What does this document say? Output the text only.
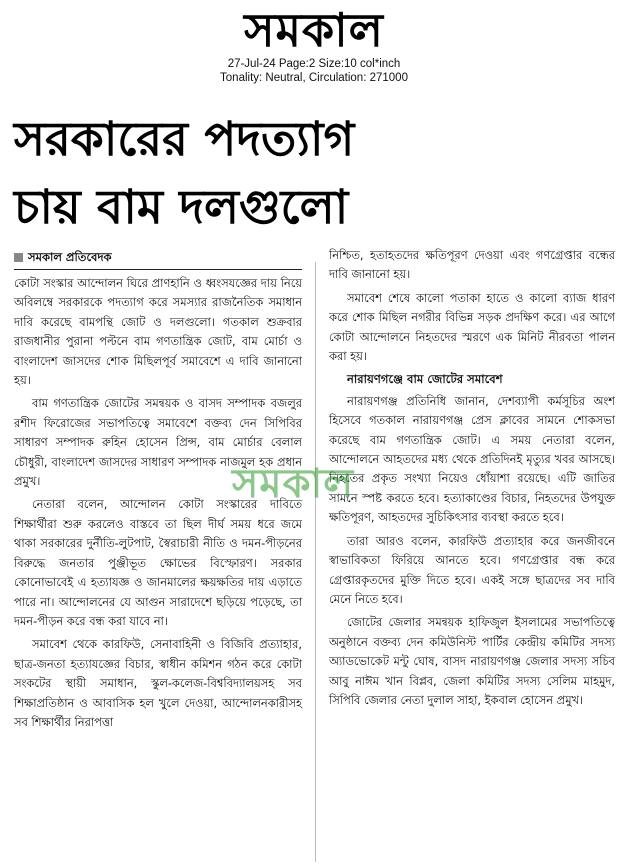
সমকাল
27-Jul-24 Page:2 Size:10 col*inch
Tonality: Neutral, Circulation: 271000
সরকারের পদত্যাগ
চায় বাম দলগুলো
সমকাল প্রতিবেদক

কোটা সংস্কার আন্দোলন ঘিরে প্রাণহানি ও ধ্বংসযজ্ঞের দায় নিয়ে অবিলম্বে সরকারকে পদত্যাগ করে সমস্যার রাজনৈতিক সমাধান দাবি করেছে বামপন্থি জোট ও দলগুলো। গতকাল শুক্রবার রাজধানীর পুরানা পল্টনে বাম গণতান্ত্রিক জোট, বাম মোর্চা ও বাংলাদেশ জাসদের শোক মিছিলপূর্ব সমাবেশে এ দাবি জানানো হয়।

বাম গণতান্ত্রিক জোটের সমন্বয়ক ও বাসদ সম্পাদক বজলুর রশীদ ফিরোজের সভাপতিত্বে সমাবেশে বক্তব্য দেন সিপিবির সাধারণ সম্পাদক রুহিন হোসেন প্রিন্স, বাম মোর্চার বেলাল চৌধুরী, বাংলাদেশ জাসদের সাধারণ সম্পাদক নাজমুল হক প্রধান প্রমুখ।

নেতারা বলেন, আন্দোলন কোটা সংস্কারের দাবিতে শিক্ষার্থীরা শুরু করলেও বাস্তবে তা ছিল দীর্ঘ সময় ধরে জমে থাকা সরকারের দুর্নীতি-লুটপাট, স্বৈরাচারী নীতি ও দমন-পীড়নের বিরুদ্ধে জনতার পুঞ্জীভূত ক্ষোভের বিস্ফোরণ। সরকার কোনোভাবেই এ হত্যাযজ্ঞ ও জানমালের ক্ষয়ক্ষতির দায় এড়াতে পারে না। আন্দোলনের যে আগুন সারাদেশে ছড়িয়ে পড়েছে, তা দমন-পীড়ন করে বন্ধ করা যাবে না।

সমাবেশ থেকে কারফিউ, সেনাবাহিনী ও বিজিবি প্রত্যাহার, ছাত্র-জনতা হত্যাযজ্ঞের বিচার, স্বাধীন কমিশন গঠন করে কোটা সংকটের স্থায়ী সমাধান, স্কুল-কলেজ-বিশ্ববিদ্যালয়সহ সব শিক্ষাপ্রতিষ্ঠান ও আবাসিক হল খুলে দেওয়া, আন্দোলনকারীসহ সব শিক্ষার্থীর নিরাপত্তা

নিশ্চিত, হতাহতদের ক্ষতিপূরণ দেওয়া এবং গণগ্রেপ্তার বন্ধের দাবি জানানো হয়।

সমাবেশ শেষে কালো পতাকা হাতে ও কালো ব্যাজ ধারণ করে শোক মিছিল নগরীর বিভিন্ন সড়ক প্রদক্ষিণ করে। এর আগে কোটা আন্দোলনে নিহতদের স্মরণে এক মিনিট নীরবতা পালন করা হয়।

নারায়ণগঞ্জে বাম জোটের সমাবেশ

নারায়ণগঞ্জ প্রতিনিধি জানান, দেশব্যাপী কর্মসূচির অংশ হিসেবে গতকাল নারায়ণগঞ্জ প্রেস ক্লাবের সামনে শোকসভা করেছে বাম গণতান্ত্রিক জোট। এ সময় নেতারা বলেন, আন্দোলনে আহতদের মধ্য থেকে প্রতিদিনই মৃত্যুর খবর আসছে। নিহতের প্রকৃত সংখ্যা নিয়েও ধোঁয়াশা রয়েছে। এটি জাতির সামনে স্পষ্ট করতে হবে। হত্যাকাণ্ডের বিচার, নিহতদের উপযুক্ত ক্ষতিপূরণ, আহতদের সুচিকিৎসার ব্যবস্থা করতে হবে।

তারা আরও বলেন, কারফিউ প্রত্যাহার করে জনজীবনে স্বাভাবিকতা ফিরিয়ে আনতে হবে। গণগ্রেপ্তার বন্ধ করে গ্রেপ্তারকৃতদের মুক্তি দিতে হবে। একই সঙ্গে ছাত্রদের সব দাবি মেনে নিতে হবে।

জোটের জেলার সমন্বয়ক হাফিজুল ইসলামের সভাপতিত্বে অনুষ্ঠানে বক্তব্য দেন কমিউনিস্ট পার্টির কেন্দ্রীয় কমিটির সদস্য অ্যাডভোকেট মন্টু ঘোষ, বাসদ নারায়ণগঞ্জ জেলার সদস্য সচিব আবু নাঈম খান বিপ্লব, জেলা কমিটির সদস্য সেলিম মাহমুদ, সিপিবি জেলার নেতা দুলাল সাহা, ইকবাল হোসেন প্রমুখ।

সমকাল
